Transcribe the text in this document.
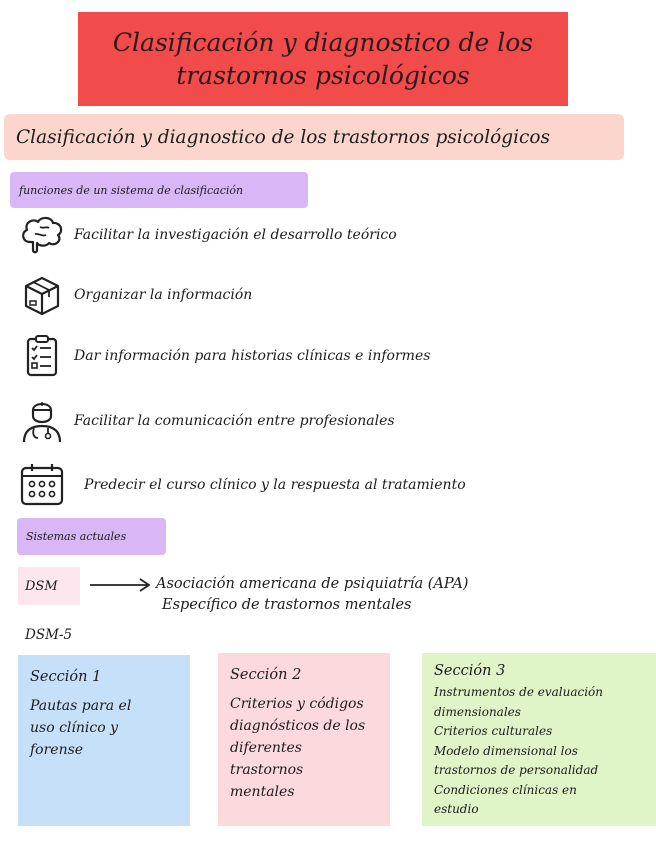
Clasificación y diagnostico de los
trastornos psicológicos
Clasificación y diagnostico de los trastornos psicológicos
funciones de un sistema de clasificación
Facilitar la investigación el desarrollo teórico
Organizar la información
Dar información para historias clínicas e informes
Facilitar la comunicación entre profesionales
Predecir el curso clínico y la respuesta al tratamiento
Sistemas actuales
DSM	Asociación americana de psiquiatría (APA)
Específico de trastornos mentales
DSM-5
Sección 1
Pautas para el
uso clínico y
forense
Sección 2
Criterios y códigos
diagnósticos de los
diferentes
trastornos
mentales
Sección 3
Instrumentos de evaluación
dimensionales
Criterios culturales
Modelo dimensional los
trastornos de personalidad
Condiciones clínicas en
estudio
